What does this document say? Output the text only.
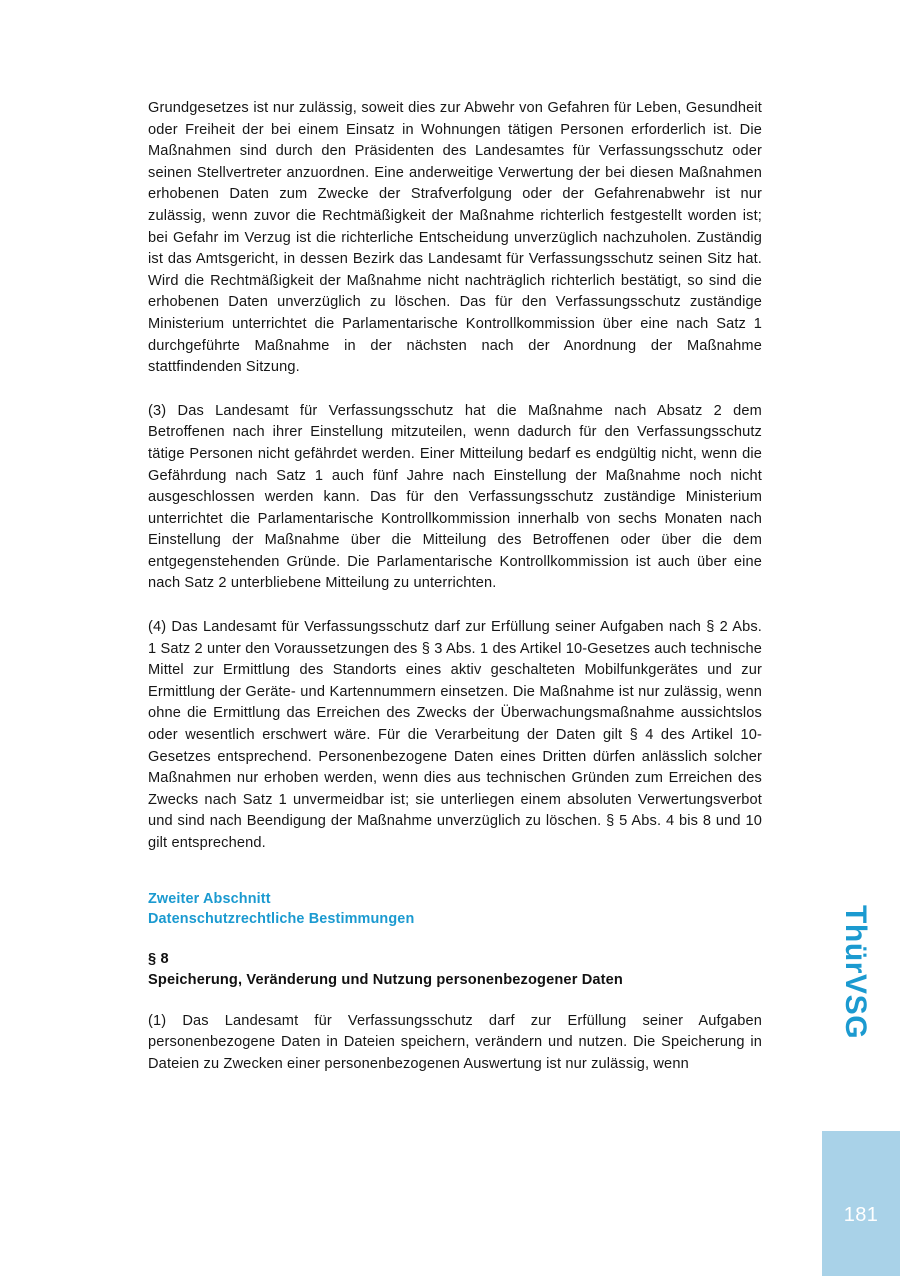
Grundgesetzes ist nur zulässig, soweit dies zur Abwehr von Gefahren für Leben, Gesundheit oder Freiheit der bei einem Einsatz in Wohnungen tätigen Personen erforderlich ist. Die Maßnahmen sind durch den Präsidenten des Landesamtes für Verfassungsschutz oder seinen Stellvertreter anzuordnen. Eine anderweitige Verwertung der bei diesen Maßnahmen erhobenen Daten zum Zwecke der Strafverfolgung oder der Gefahrenabwehr ist nur zulässig, wenn zuvor die Rechtmäßigkeit der Maßnahme richterlich festgestellt worden ist; bei Gefahr im Verzug ist die richterliche Entscheidung unverzüglich nachzuholen. Zuständig ist das Amtsgericht, in dessen Bezirk das Landesamt für Verfassungsschutz seinen Sitz hat. Wird die Rechtmäßigkeit der Maßnahme nicht nachträglich richterlich bestätigt, so sind die erhobenen Daten unverzüglich zu löschen. Das für den Verfassungsschutz zuständige Ministerium unterrichtet die Parlamentarische Kontrollkommission über eine nach Satz 1 durchgeführte Maßnahme in der nächsten nach der Anordnung der Maßnahme stattfindenden Sitzung.

(3) Das Landesamt für Verfassungsschutz hat die Maßnahme nach Absatz 2 dem Betroffenen nach ihrer Einstellung mitzuteilen, wenn dadurch für den Verfassungsschutz tätige Personen nicht gefährdet werden. Einer Mitteilung bedarf es endgültig nicht, wenn die Gefährdung nach Satz 1 auch fünf Jahre nach Einstellung der Maßnahme noch nicht ausgeschlossen werden kann. Das für den Verfassungsschutz zuständige Ministerium unterrichtet die Parlamentarische Kontrollkommission innerhalb von sechs Monaten nach Einstellung der Maßnahme über die Mitteilung des Betroffenen oder über die dem entgegenstehenden Gründe. Die Parlamentarische Kontrollkommission ist auch über eine nach Satz 2 unterbliebene Mitteilung zu unterrichten.

(4) Das Landesamt für Verfassungsschutz darf zur Erfüllung seiner Aufgaben nach § 2 Abs. 1 Satz 2 unter den Voraussetzungen des § 3 Abs. 1 des Artikel 10-Gesetzes auch technische Mittel zur Ermittlung des Standorts eines aktiv geschalteten Mobilfunkgerätes und zur Ermittlung der Geräte- und Kartennummern einsetzen. Die Maßnahme ist nur zulässig, wenn ohne die Ermittlung das Erreichen des Zwecks der Überwachungsmaßnahme aussichtslos oder wesentlich erschwert wäre. Für die Verarbeitung der Daten gilt § 4 des Artikel 10-Gesetzes entsprechend. Personenbezogene Daten eines Dritten dürfen anlässlich solcher Maßnahmen nur erhoben werden, wenn dies aus technischen Gründen zum Erreichen des Zwecks nach Satz 1 unvermeidbar ist; sie unterliegen einem absoluten Verwertungsverbot und sind nach Beendigung der Maßnahme unverzüglich zu löschen. § 5 Abs. 4 bis 8 und 10 gilt entsprechend.

Zweiter Abschnitt
Datenschutzrechtliche Bestimmungen
§ 8
Speicherung, Veränderung und Nutzung personenbezogener Daten

(1) Das Landesamt für Verfassungsschutz darf zur Erfüllung seiner Aufgaben personenbezogene Daten in Dateien speichern, verändern und nutzen. Die Speicherung in Dateien zu Zwecken einer personenbezogenen Auswertung ist nur zulässig, wenn

ThürVSG
181
